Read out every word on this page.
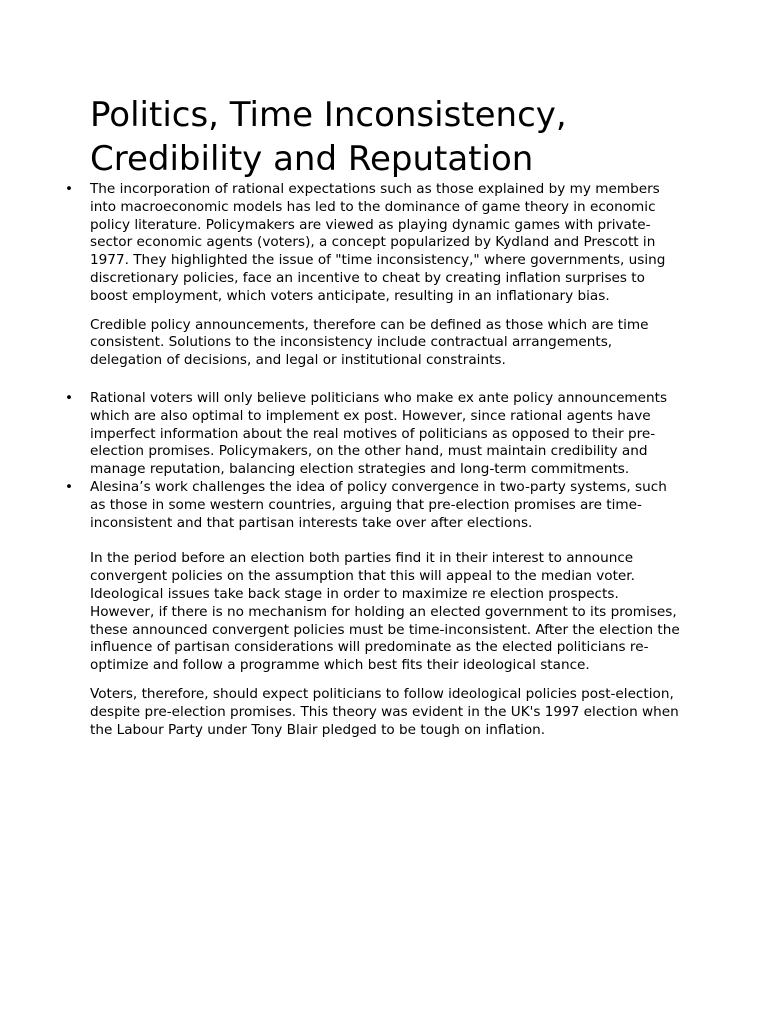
Politics, Time Inconsistency,
Credibility and Reputation

• The incorporation of rational expectations such as those explained by my members into macroeconomic models has led to the dominance of game theory in economic policy literature. Policymakers are viewed as playing dynamic games with private-sector economic agents (voters), a concept popularized by Kydland and Prescott in 1977. They highlighted the issue of "time inconsistency," where governments, using discretionary policies, face an incentive to cheat by creating inflation surprises to boost employment, which voters anticipate, resulting in an inflationary bias.

Credible policy announcements, therefore can be defined as those which are time consistent. Solutions to the inconsistency include contractual arrangements, delegation of decisions, and legal or institutional constraints.

• Rational voters will only believe politicians who make ex ante policy announcements which are also optimal to implement ex post. However, since rational agents have imperfect information about the real motives of politicians as opposed to their pre-election promises. Policymakers, on the other hand, must maintain credibility and manage reputation, balancing election strategies and long-term commitments.

• Alesina’s work challenges the idea of policy convergence in two-party systems, such as those in some western countries, arguing that pre-election promises are time-inconsistent and that partisan interests take over after elections.

In the period before an election both parties find it in their interest to announce convergent policies on the assumption that this will appeal to the median voter. Ideological issues take back stage in order to maximize re election prospects. However, if there is no mechanism for holding an elected government to its promises, these announced convergent policies must be time-inconsistent. After the election the influence of partisan considerations will predominate as the elected politicians re-optimize and follow a programme which best fits their ideological stance.

Voters, therefore, should expect politicians to follow ideological policies post-election, despite pre-election promises. This theory was evident in the UK's 1997 election when the Labour Party under Tony Blair pledged to be tough on inflation.
